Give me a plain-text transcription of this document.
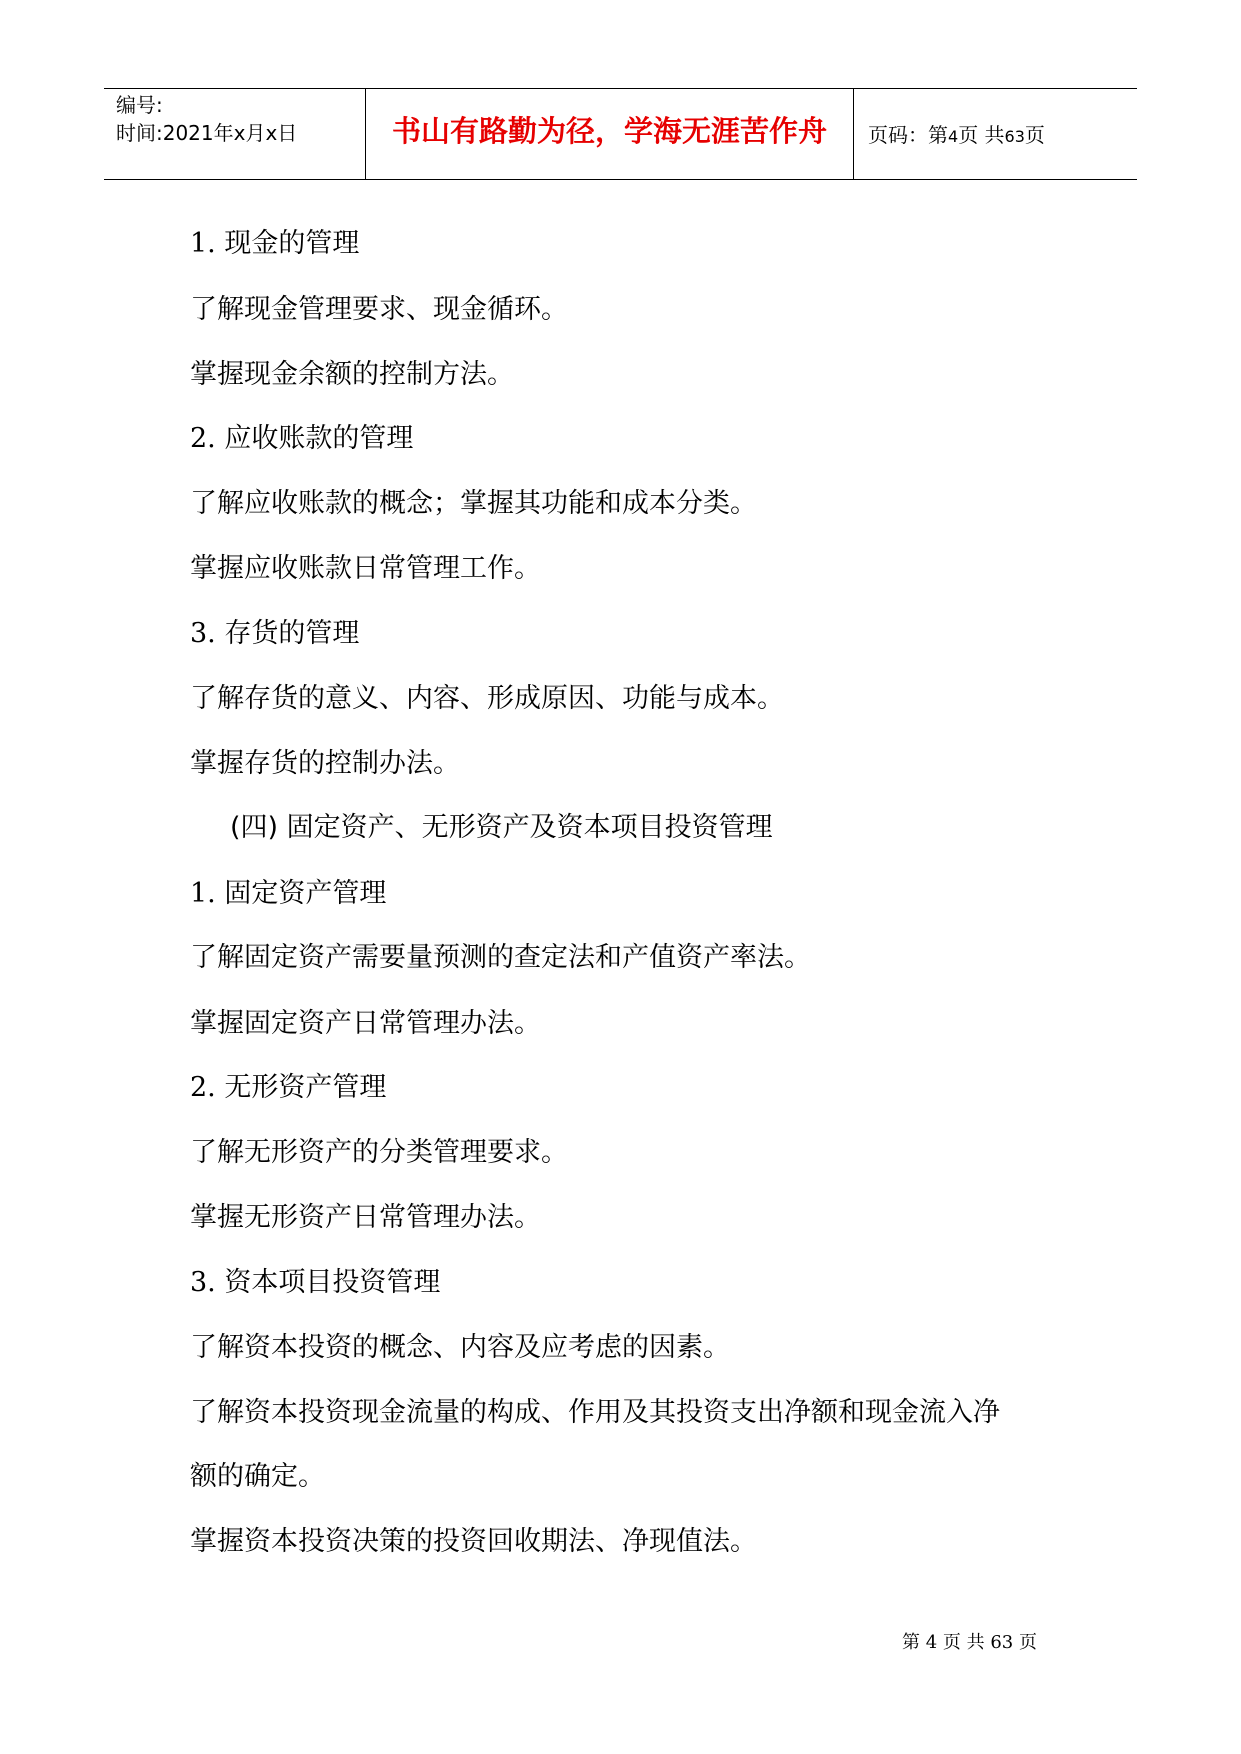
编号:
时间:2021年x月x日	书山有路勤为径，学海无涯苦作舟	页码：第4页 共63页
1. 现金的管理
了解现金管理要求、现金循环。
掌握现金余额的控制方法。
2. 应收账款的管理
了解应收账款的概念；掌握其功能和成本分类。
掌握应收账款日常管理工作。
3. 存货的管理
了解存货的意义、内容、形成原因、功能与成本。
掌握存货的控制办法。
(四) 固定资产、无形资产及资本项目投资管理
1. 固定资产管理
了解固定资产需要量预测的查定法和产值资产率法。
掌握固定资产日常管理办法。
2. 无形资产管理
了解无形资产的分类管理要求。
掌握无形资产日常管理办法。
3. 资本项目投资管理
了解资本投资的概念、内容及应考虑的因素。
了解资本投资现金流量的构成、作用及其投资支出净额和现金流入净
额的确定。
掌握资本投资决策的投资回收期法、净现值法。
第 4 页 共 63 页
